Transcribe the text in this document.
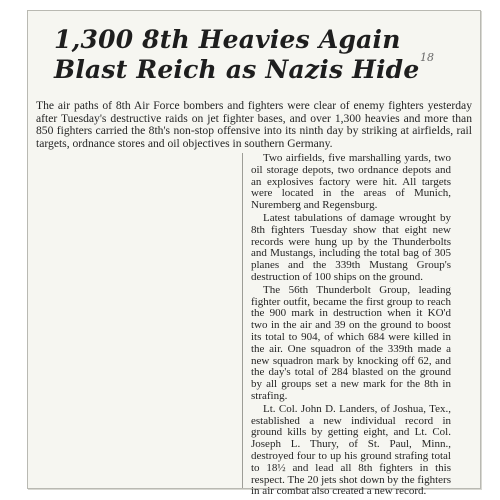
1,300 8th Heavies Again
Blast Reich as Nazis Hide 18

The air paths of 8th Air Force bombers and fighters were clear of enemy fighters yesterday after Tuesday's destructive raids on jet fighter bases, and over 1,300 heavies and more than 850 fighters carried the 8th's non-stop offensive into its ninth day by striking at airfields, rail targets, ordnance stores and oil objectives in southern Germany.

Two airfields, five marshalling yards, two oil storage depots, two ordnance depots and an explosives factory were hit. All targets were located in the areas of Munich, Nuremberg and Regensburg.

Latest tabulations of damage wrought by 8th fighters Tuesday show that eight new records were hung up by the Thunderbolts and Mustangs, including the total bag of 305 planes and the 339th Mustang Group's destruction of 100 ships on the ground.

The 56th Thunderbolt Group, leading fighter outfit, became the first group to reach the 900 mark in destruction when it KO'd two in the air and 39 on the ground to boost its total to 904, of which 684 were killed in the air. One squadron of the 339th made a new squadron mark by knocking off 62, and the day's total of 284 blasted on the ground by all groups set a new mark for the 8th in strafing.

Lt. Col. John D. Landers, of Joshua, Tex., established a new individual record in ground kills by getting eight, and Lt. Col. Joseph L. Thury, of St. Paul, Minn., destroyed four to up his ground strafing total to 18½ and lead all 8th fighters in this respect. The 20 jets shot down by the fighters in air combat also created a new record.
